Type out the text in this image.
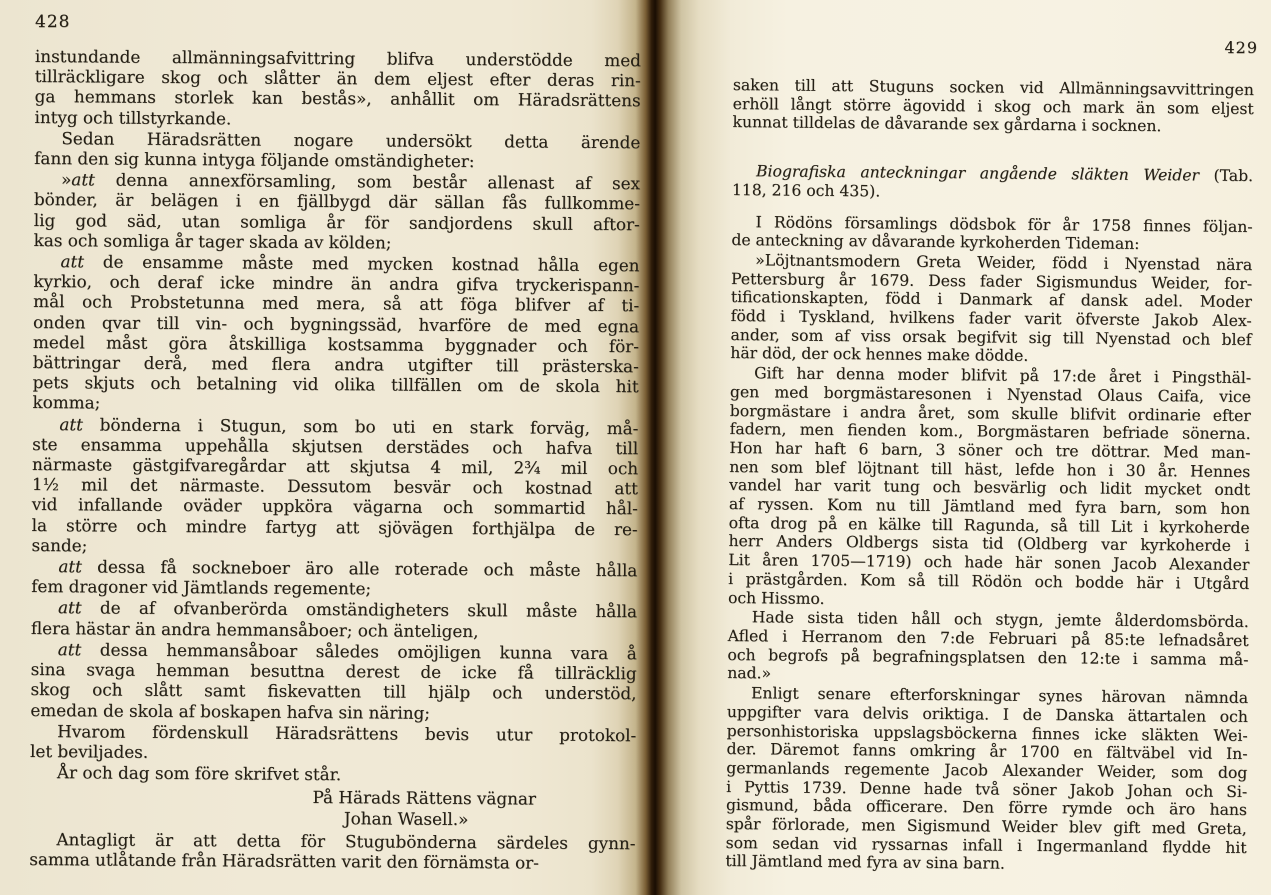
428
429
instundande allmänningsafvittring blifva understödde med
tillräckligare skog och slåtter än dem eljest efter deras rin-
ga hemmans storlek kan bestås», anhållit om Häradsrättens
intyg och tillstyrkande.
Sedan Häradsrätten nogare undersökt detta ärende
fann den sig kunna intyga följande omständigheter:
»att denna annexförsamling, som består allenast af sex
bönder, är belägen i en fjällbygd där sällan fås fullkomme-
lig god säd, utan somliga år för sandjordens skull aftor-
kas och somliga år tager skada av kölden;
att de ensamme måste med mycken kostnad hålla egen
kyrkio, och deraf icke mindre än andra gifva tryckerispann-
mål och Probstetunna med mera, så att föga blifver af ti-
onden qvar till vin- och bygningssäd, hvarföre de med egna
medel måst göra åtskilliga kostsamma byggnader och för-
bättringar derå, med flera andra utgifter till prästerska-
pets skjuts och betalning vid olika tillfällen om de skola hit
komma;
att bönderna i Stugun, som bo uti en stark forväg, må-
ste ensamma uppehålla skjutsen derstädes och hafva till
närmaste gästgifvaregårdar att skjutsa 4 mil, 2¾ mil och
1½ mil det närmaste. Dessutom besvär och kostnad att
vid infallande oväder uppköra vägarna och sommartid hål-
la större och mindre fartyg att sjövägen forthjälpa de re-
sande;
att dessa få sockneboer äro alle roterade och måste hålla
fem dragoner vid Jämtlands regemente;
att de af ofvanberörda omständigheters skull måste hålla
flera hästar än andra hemmansåboer; och änteligen,
att dessa hemmansåboar således omöjligen kunna vara å
sina svaga hemman besuttna derest de icke få tillräcklig
skog och slått samt fiskevatten till hjälp och understöd,
emedan de skola af boskapen hafva sin näring;
Hvarom fördenskull Häradsrättens bevis utur protokol-
let beviljades.
År och dag som före skrifvet står.
På Härads Rättens vägnar
Johan Wasell.»
Antagligt är att detta för Stugubönderna särdeles gynn-
samma utlåtande från Häradsrätten varit den förnämsta or-
saken till att Stuguns socken vid Allmänningsavvittringen
erhöll långt större ägovidd i skog och mark än som eljest
kunnat tilldelas de dåvarande sex gårdarna i socknen.
Biografiska anteckningar angående släkten Weider (Tab.
118, 216 och 435).
I Rödöns församlings dödsbok för år 1758 finnes följan-
de anteckning av dåvarande kyrkoherden Tideman:
»Löjtnantsmodern Greta Weider, född i Nyenstad nära
Pettersburg år 1679. Dess fader Sigismundus Weider, for-
tificationskapten, född i Danmark af dansk adel. Moder
född i Tyskland, hvilkens fader varit öfverste Jakob Alex-
ander, som af viss orsak begifvit sig till Nyenstad och blef
här död, der ock hennes make dödde.
Gift har denna moder blifvit på 17:de året i Pingsthäl-
gen med borgmästaresonen i Nyenstad Olaus Caifa, vice
borgmästare i andra året, som skulle blifvit ordinarie efter
fadern, men fienden kom., Borgmästaren befriade sönerna.
Hon har haft 6 barn, 3 söner och tre döttrar. Med man-
nen som blef löjtnant till häst, lefde hon i 30 år. Hennes
vandel har varit tung och besvärlig och lidit mycket ondt
af ryssen. Kom nu till Jämtland med fyra barn, som hon
ofta drog på en kälke till Ragunda, så till Lit i kyrkoherde
herr Anders Oldbergs sista tid (Oldberg var kyrkoherde i
Lit åren 1705—1719) och hade här sonen Jacob Alexander
i prästgården. Kom så till Rödön och bodde här i Utgård
och Hissmo.
Hade sista tiden håll och stygn, jemte ålderdomsbörda.
Afled i Herranom den 7:de Februari på 85:te lefnadsåret
och begrofs på begrafningsplatsen den 12:te i samma må-
nad.»
Enligt senare efterforskningar synes härovan nämnda
uppgifter vara delvis oriktiga. I de Danska ättartalen och
personhistoriska uppslagsböckerna finnes icke släkten Wei-
der. Däremot fanns omkring år 1700 en fältväbel vid In-
germanlands regemente Jacob Alexander Weider, som dog
i Pyttis 1739. Denne hade två söner Jakob Johan och Si-
gismund, båda officerare. Den förre rymde och äro hans
spår förlorade, men Sigismund Weider blev gift med Greta,
som sedan vid ryssarnas infall i Ingermanland flydde hit
till Jämtland med fyra av sina barn.
